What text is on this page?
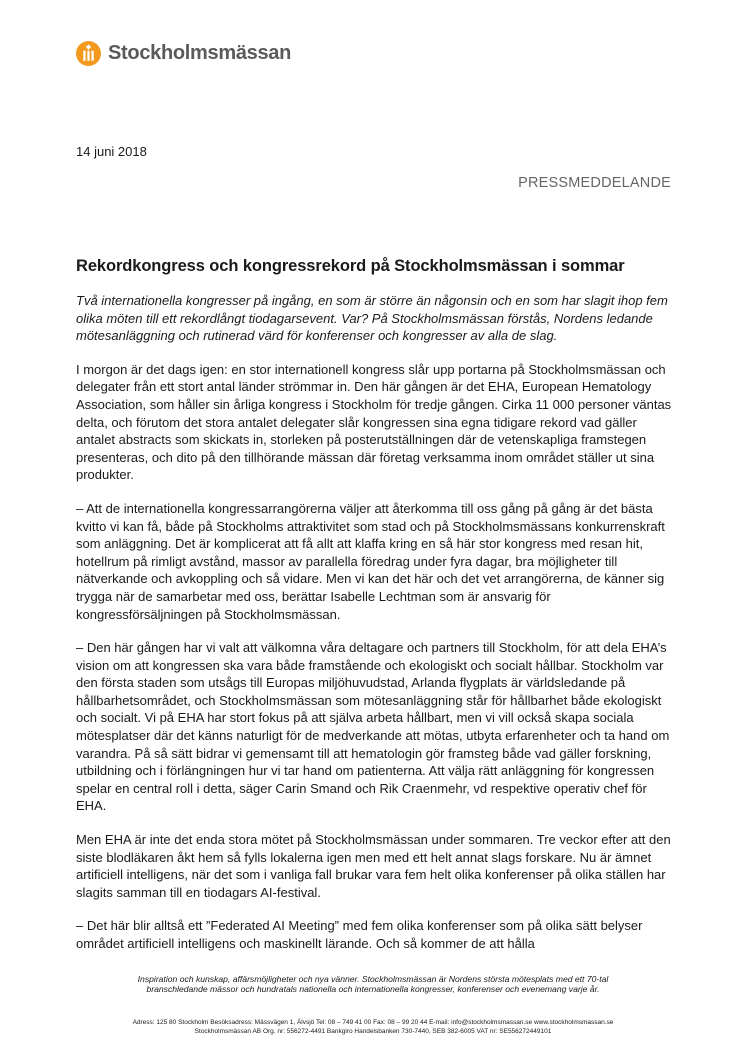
Stockholmsmässan
14 juni 2018
PRESSMEDDELANDE
Rekordkongress och kongressrekord på Stockholmsmässan i sommar

Två internationella kongresser på ingång, en som är större än någonsin och en som har slagit ihop fem olika möten till ett rekordlångt tiodagarsevent. Var? På Stockholmsmässan förstås, Nordens ledande mötesanläggning och rutinerad värd för konferenser och kongresser av alla de slag.

I morgon är det dags igen: en stor internationell kongress slår upp portarna på Stockholmsmässan och delegater från ett stort antal länder strömmar in. Den här gången är det EHA, European Hematology Association, som håller sin årliga kongress i Stockholm för tredje gången. Cirka 11 000 personer väntas delta, och förutom det stora antalet delegater slår kongressen sina egna tidigare rekord vad gäller antalet abstracts som skickats in, storleken på posterutställningen där de vetenskapliga framstegen presenteras, och dito på den tillhörande mässan där företag verksamma inom området ställer ut sina produkter.

– Att de internationella kongressarrangörerna väljer att återkomma till oss gång på gång är det bästa kvitto vi kan få, både på Stockholms attraktivitet som stad och på Stockholmsmässans konkurrenskraft som anläggning. Det är komplicerat att få allt att klaffa kring en så här stor kongress med resan hit, hotellrum på rimligt avstånd, massor av parallella föredrag under fyra dagar, bra möjligheter till nätverkande och avkoppling och så vidare. Men vi kan det här och det vet arrangörerna, de känner sig trygga när de samarbetar med oss, berättar Isabelle Lechtman som är ansvarig för kongressförsäljningen på Stockholmsmässan.

– Den här gången har vi valt att välkomna våra deltagare och partners till Stockholm, för att dela EHA’s vision om att kongressen ska vara både framstående och ekologiskt och socialt hållbar. Stockholm var den första staden som utsågs till Europas miljöhuvudstad, Arlanda flygplats är världsledande på hållbarhetsområdet, och Stockholmsmässan som mötesanläggning står för hållbarhet både ekologiskt och socialt. Vi på EHA har stort fokus på att själva arbeta hållbart, men vi vill också skapa sociala mötesplatser där det känns naturligt för de medverkande att mötas, utbyta erfarenheter och ta hand om varandra. På så sätt bidrar vi gemensamt till att hematologin gör framsteg både vad gäller forskning, utbildning och i förlängningen hur vi tar hand om patienterna. Att välja rätt anläggning för kongressen spelar en central roll i detta, säger Carin Smand och Rik Craenmehr, vd respektive operativ chef för EHA.

Men EHA är inte det enda stora mötet på Stockholmsmässan under sommaren. Tre veckor efter att den siste blodläkaren åkt hem så fylls lokalerna igen men med ett helt annat slags forskare. Nu är ämnet artificiell intelligens, när det som i vanliga fall brukar vara fem helt olika konferenser på olika ställen har slagits samman till en tiodagars AI-festival.

– Det här blir alltså ett ”Federated AI Meeting” med fem olika konferenser som på olika sätt belyser området artificiell intelligens och maskinellt lärande. Och så kommer de att hålla

Inspiration och kunskap, affärsmöjligheter och nya vänner. Stockholmsmässan är Nordens största mötesplats med ett 70-tal
branschledande mässor och hundratals nationella och internationella kongresser, konferenser och evenemang varje år.
Adress: 125 80 Stockholm Besöksadress: Mässvägen 1, Älvsjö Tel: 08 – 749 41 00 Fax: 08 – 99 20 44 E-mail: info@stockholmsmassan.se www.stockholmsmassan.se
Stockholmsmässan AB Org. nr: 556272-4491 Bankgiro Handelsbanken 730-7440, SEB 382-6005 VAT nr: SE556272449101
